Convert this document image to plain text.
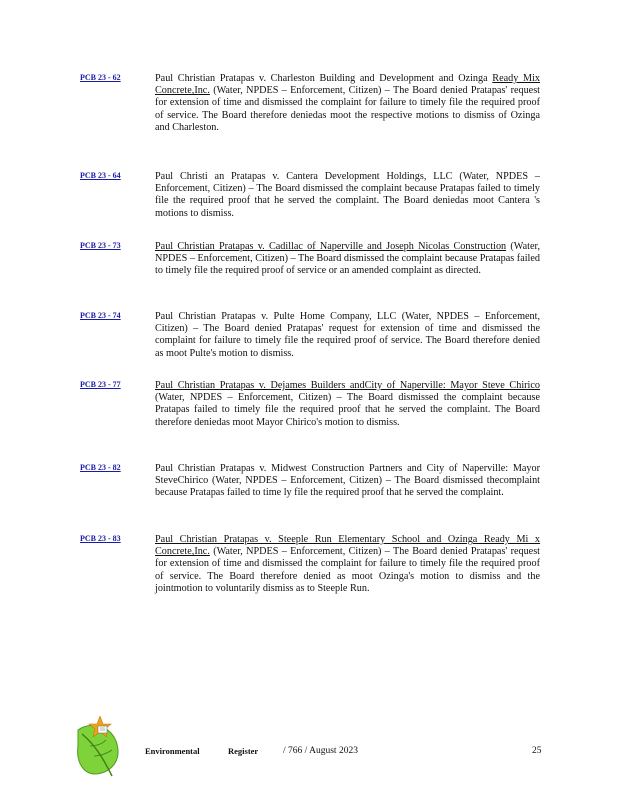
PCB 23 - 62	Paul Christian Pratapas v. Charleston Building and Development and Ozinga Ready Mix Concrete,Inc. (Water, NPDES – Enforcement, Citizen) – The Board denied Pratapas' request for extension of time and dismissed the complaint for failure to timely file the required proof of service. The Board therefore deniedas moot the respective motions to dismiss of Ozinga and Charleston.
PCB 23 - 64	Paul Christi an Pratapas v. Cantera Development Holdings, LLC (Water, NPDES – Enforcement, Citizen) – The Board dismissed the complaint because Pratapas failed to timely file the required proof that he served the complaint. The Board deniedas moot Cantera 's motions to dismiss.
PCB 23 - 73	Paul Christian Pratapas v. Cadillac of Naperville and Joseph Nicolas Construction (Water, NPDES – Enforcement, Citizen) – The Board dismissed the complaint because Pratapas failed to timely file the required proof of service or an amended complaint as directed.
PCB 23 - 74	Paul Christian Pratapas v. Pulte Home Company, LLC (Water, NPDES – Enforcement, Citizen) – The Board denied Pratapas' request for extension of time and dismissed the complaint for failure to timely file the required proof of service. The Board therefore denied as moot Pulte's motion to dismiss.
PCB 23 - 77	Paul Christian Pratapas v. Dejames Builders andCity of Naperville: Mayor Steve Chirico (Water, NPDES – Enforcement, Citizen) – The Board dismissed the complaint because Pratapas failed to timely file the required proof that he served the complaint. The Board therefore deniedas moot Mayor Chirico's motion to dismiss.
PCB 23 - 82	Paul Christian Pratapas v. Midwest Construction Partners and City of Naperville: Mayor SteveChirico (Water, NPDES – Enforcement, Citizen) – The Board dismissed thecomplaint because Pratapas failed to time ly file the required proof that he served the complaint.
PCB 23 - 83	Paul Christian Pratapas v. Steeple Run Elementary School and Ozinga Ready Mi x Concrete,Inc. (Water, NPDES – Enforcement, Citizen) – The Board denied Pratapas' request for extension of time and dismissed the complaint for failure to timely file the required proof of service. The Board therefore denied as moot Ozinga's motion to dismiss and the jointmotion to voluntarily dismiss as to Steeple Run.
Environmental	Register	/ 766 / August 2023	25
